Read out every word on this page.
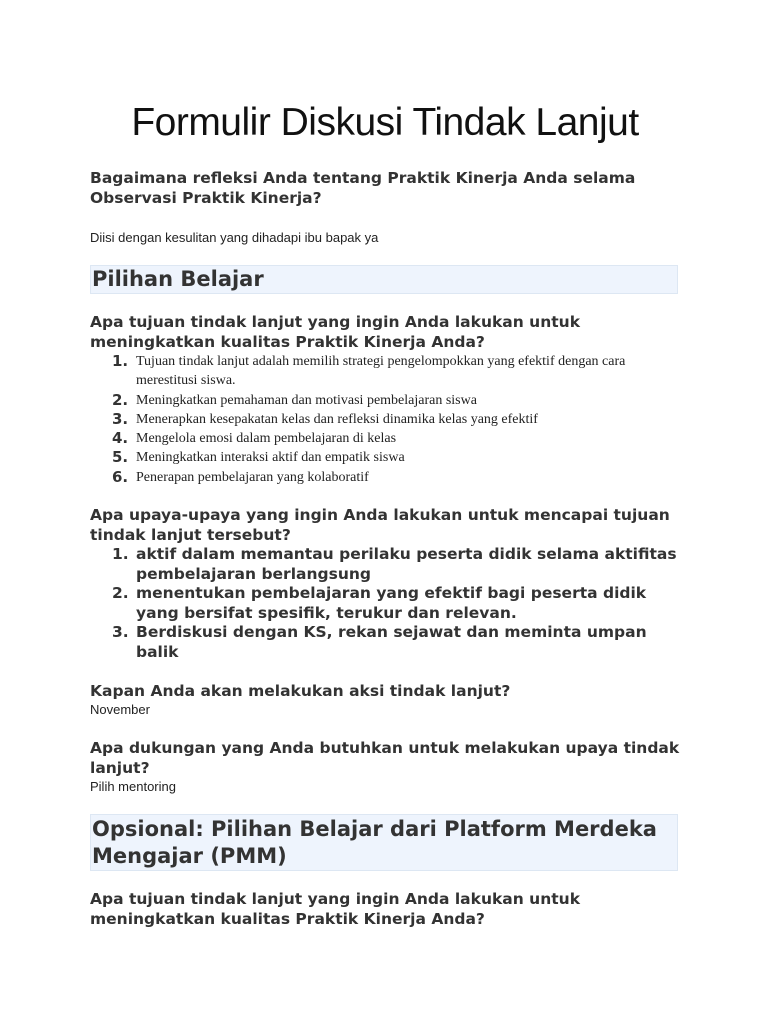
Formulir Diskusi Tindak Lanjut

Bagaimana refleksi Anda tentang Praktik Kinerja Anda selama Observasi Praktik Kinerja?

Diisi dengan kesulitan yang dihadapi ibu bapak ya

Pilihan Belajar

Apa tujuan tindak lanjut yang ingin Anda lakukan untuk meningkatkan kualitas Praktik Kinerja Anda?

1. Tujuan tindak lanjut adalah memilih strategi pengelompokkan yang efektif dengan cara merestitusi siswa.
2. Meningkatkan pemahaman dan motivasi pembelajaran siswa
3. Menerapkan kesepakatan kelas dan refleksi dinamika kelas yang efektif
4. Mengelola emosi dalam pembelajaran di kelas
5. Meningkatkan interaksi aktif dan empatik siswa
6. Penerapan pembelajaran yang kolaboratif

Apa upaya-upaya yang ingin Anda lakukan untuk mencapai tujuan tindak lanjut tersebut?

1. aktif dalam memantau perilaku peserta didik selama aktifitas pembelajaran berlangsung
2. menentukan pembelajaran yang efektif bagi peserta didik yang bersifat spesifik, terukur dan relevan.
3. Berdiskusi dengan KS, rekan sejawat dan meminta umpan balik

Kapan Anda akan melakukan aksi tindak lanjut?

November

Apa dukungan yang Anda butuhkan untuk melakukan upaya tindak lanjut?

Pilih mentoring

Opsional: Pilihan Belajar dari Platform Merdeka Mengajar (PMM)

Apa tujuan tindak lanjut yang ingin Anda lakukan untuk meningkatkan kualitas Praktik Kinerja Anda?
